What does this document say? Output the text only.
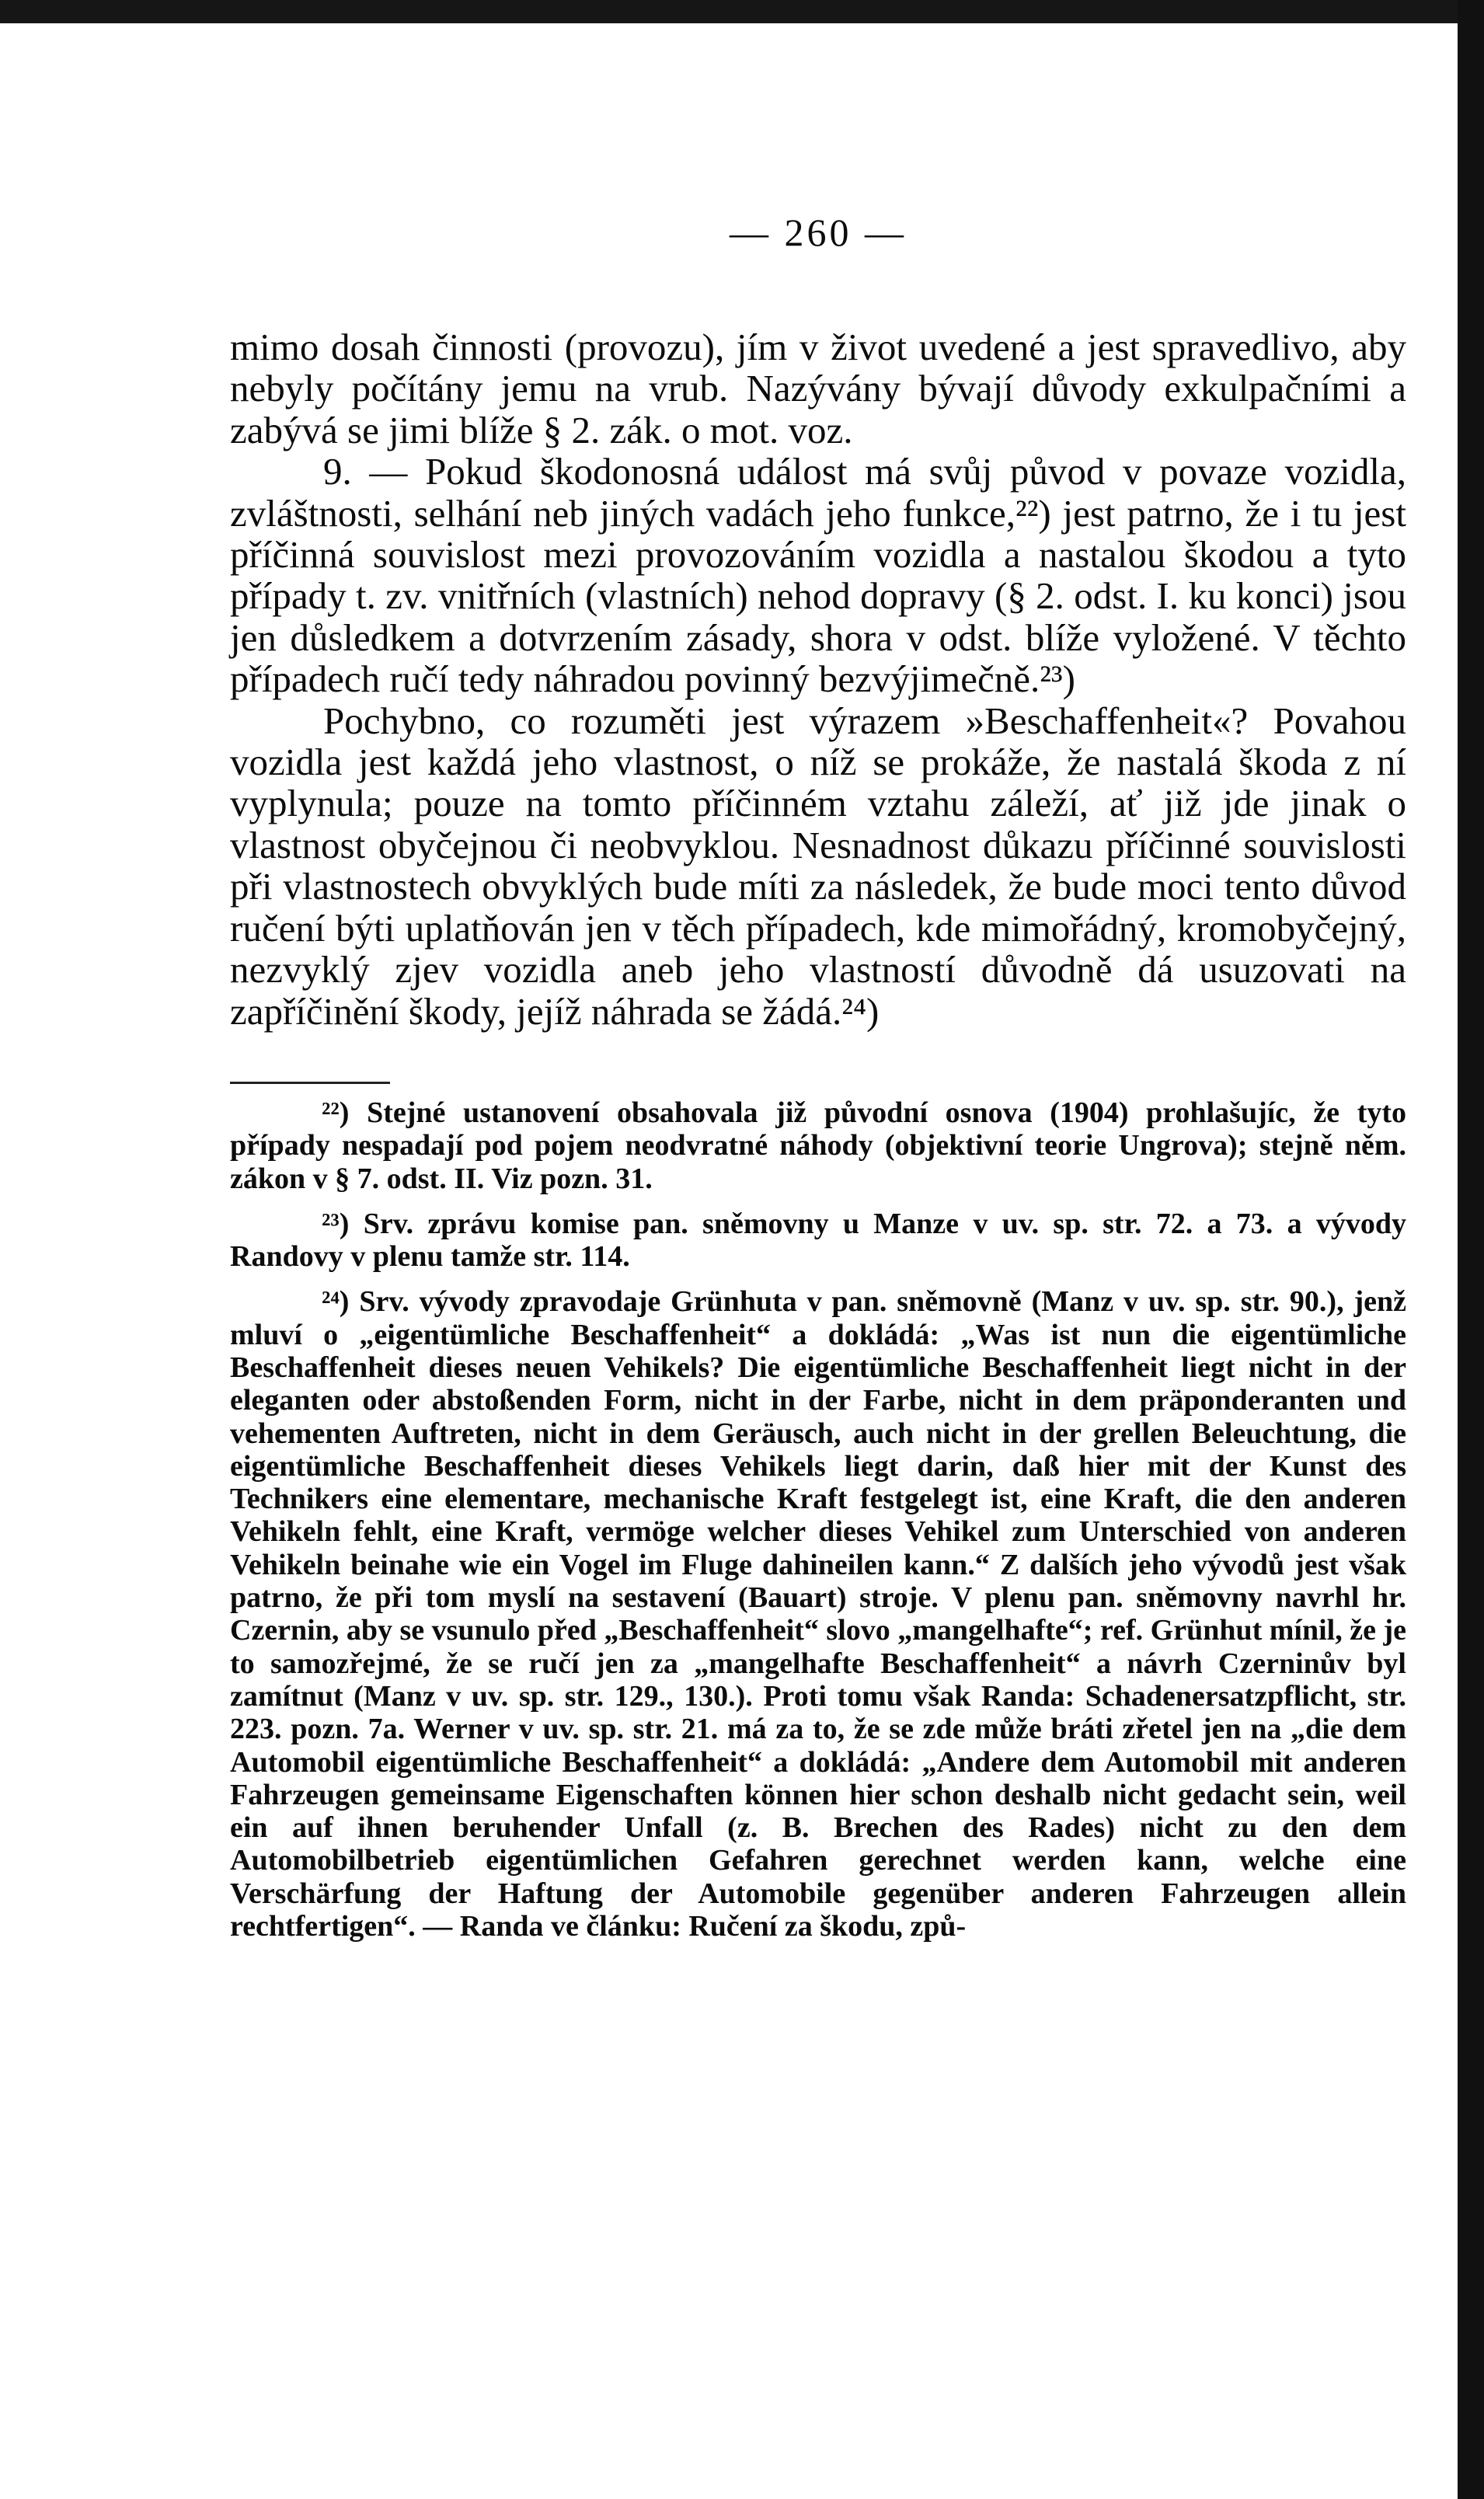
— 260 —

mimo dosah činnosti (provozu), jím v život uvedené a jest spravedlivo, aby nebyly počítány jemu na vrub. Nazývány bývají důvody exkulpačními a zabývá se jimi blíže § 2. zák. o mot. voz.

9. — Pokud škodonosná událost má svůj původ v povaze vozidla, zvláštnosti, selhání neb jiných vadách jeho funkce,²²) jest patrno, že i tu jest příčinná souvislost mezi provozováním vozidla a nastalou škodou a tyto případy t. zv. vnitřních (vlastních) nehod dopravy (§ 2. odst. I. ku konci) jsou jen důsledkem a dotvrzením zásady, shora v odst. blíže vyložené. V těchto případech ručí tedy náhradou povinný bezvýjimečně.²³)

Pochybno, co rozuměti jest výrazem »Beschaffenheit«? Povahou vozidla jest každá jeho vlastnost, o níž se prokáže, že nastalá škoda z ní vyplynula; pouze na tomto příčinném vztahu záleží, ať již jde jinak o vlastnost obyčejnou či neobvyklou. Nesnadnost důkazu příčinné souvislosti při vlastnostech obvyklých bude míti za následek, že bude moci tento důvod ručení býti uplatňován jen v těch případech, kde mimořádný, kromobyčejný, nezvyklý zjev vozidla aneb jeho vlastností důvodně dá usuzovati na zapříčinění škody, jejíž náhrada se žádá.²⁴)

²²) Stejné ustanovení obsahovala již původní osnova (1904) prohlašujíc, že tyto případy nespadají pod pojem neodvratné náhody (objektivní teorie Ungrova); stejně něm. zákon v § 7. odst. II. Viz pozn. 31.

²³) Srv. zprávu komise pan. sněmovny u Manze v uv. sp. str. 72. a 73. a vývody Randovy v plenu tamže str. 114.

²⁴) Srv. vývody zpravodaje Grünhuta v pan. sněmovně (Manz v uv. sp. str. 90.), jenž mluví o „eigentümliche Beschaffenheit“ a dokládá: „Was ist nun die eigentümliche Beschaffenheit dieses neuen Vehikels? Die eigentümliche Beschaffenheit liegt nicht in der eleganten oder abstoßenden Form, nicht in der Farbe, nicht in dem präponderanten und vehementen Auftreten, nicht in dem Geräusch, auch nicht in der grellen Beleuchtung, die eigentümliche Beschaffenheit dieses Vehikels liegt darin, daß hier mit der Kunst des Technikers eine elementare, mechanische Kraft festgelegt ist, eine Kraft, die den anderen Vehikeln fehlt, eine Kraft, vermöge welcher dieses Vehikel zum Unterschied von anderen Vehikeln beinahe wie ein Vogel im Fluge dahineilen kann.“ Z dalších jeho vývodů jest však patrno, že při tom myslí na sestavení (Bauart) stroje. V plenu pan. sněmovny navrhl hr. Czernin, aby se vsunulo před „Beschaffenheit“ slovo „mangelhafte“; ref. Grünhut mínil, že je to samozřejmé, že se ručí jen za „mangelhafte Beschaffenheit“ a návrh Czerninův byl zamítnut (Manz v uv. sp. str. 129., 130.). Proti tomu však Randa: Schadenersatzpflicht, str. 223. pozn. 7a. Werner v uv. sp. str. 21. má za to, že se zde může bráti zřetel jen na „die dem Automobil eigentümliche Beschaffenheit“ a dokládá: „Andere dem Automobil mit anderen Fahrzeugen gemeinsame Eigenschaften können hier schon deshalb nicht gedacht sein, weil ein auf ihnen beruhender Unfall (z. B. Brechen des Rades) nicht zu den dem Automobilbetrieb eigentümlichen Gefahren gerechnet werden kann, welche eine Verschärfung der Haftung der Automobile gegenüber anderen Fahrzeugen allein rechtfertigen“. — Randa ve článku: Ručení za škodu, způ-
